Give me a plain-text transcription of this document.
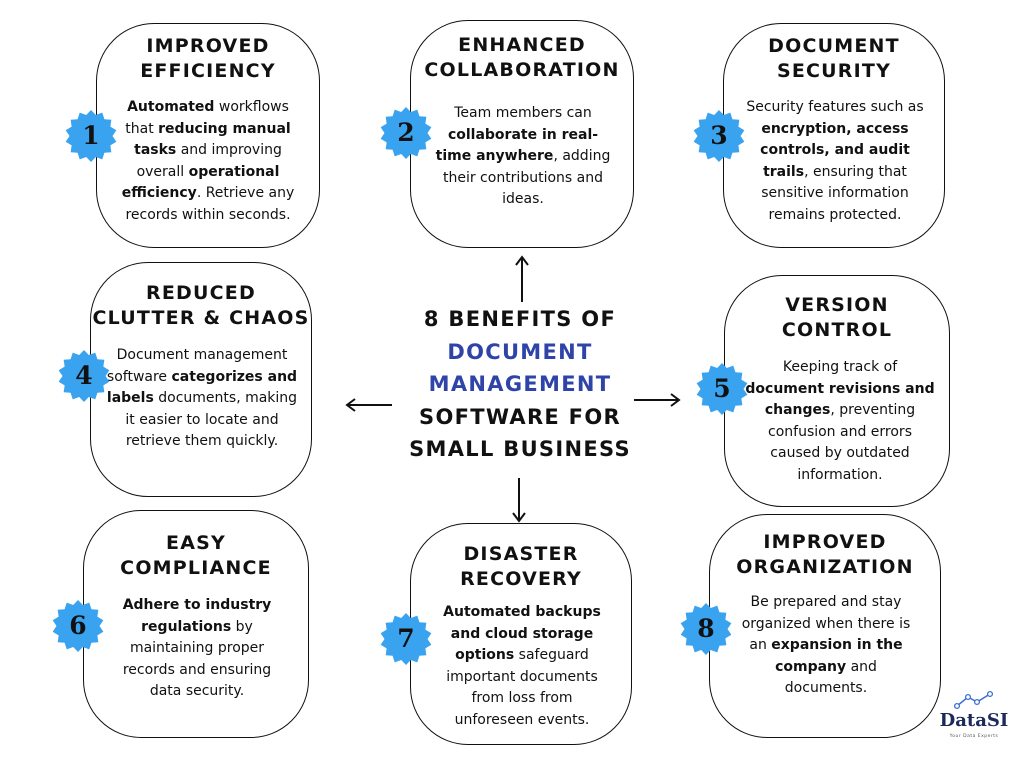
IMPROVED
EFFICIENCY
Automated workflows that reducing manual tasks and improving overall operational efficiency. Retrieve any records within seconds.
ENHANCED
COLLABORATION
Team members can collaborate in real-time anywhere, adding their contributions and ideas.
DOCUMENT
SECURITY
Security features such as encryption, access controls, and audit trails, ensuring that sensitive information remains protected.
REDUCED
CLUTTER & CHAOS
Document management software categorizes and labels documents, making it easier to locate and retrieve them quickly.
VERSION
CONTROL
Keeping track of document revisions and changes, preventing confusion and errors caused by outdated information.
EASY
COMPLIANCE
Adhere to industry regulations by maintaining proper records and ensuring data security.
DISASTER
RECOVERY
Automated backups and cloud storage options safeguard important documents from loss from unforeseen events.
IMPROVED
ORGANIZATION
Be prepared and stay organized when there is an expansion in the company and documents.
1	2	3
4	5
6	7	8
8 BENEFITS OF
DOCUMENT
MANAGEMENT
SOFTWARE FOR
SMALL BUSINESS
DataSI
Your Data Experts
